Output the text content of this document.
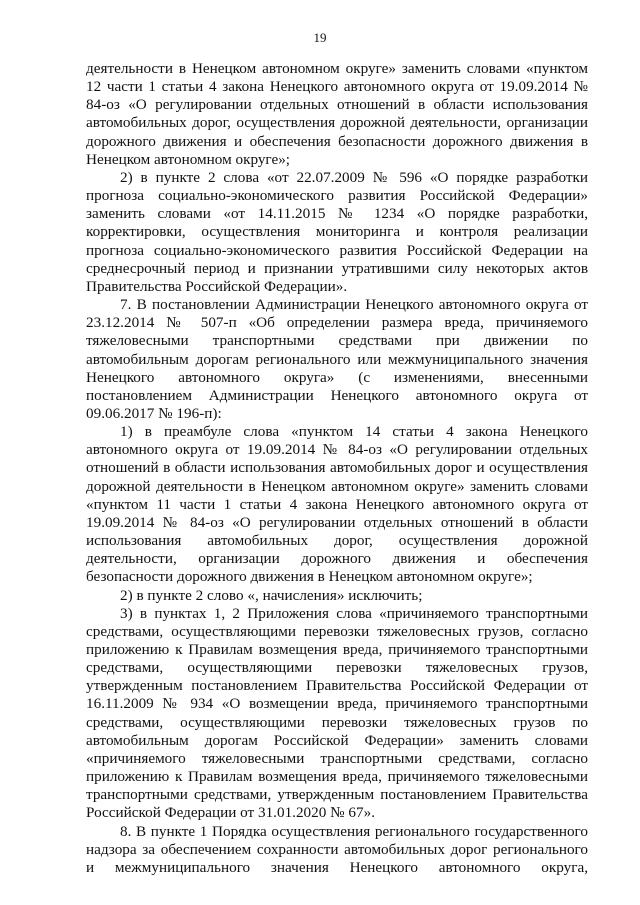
19

деятельности в Ненецком автономном округе» заменить словами «пунктом 12 части 1 статьи 4 закона Ненецкого автономного округа от 19.09.2014 № 84-оз «О регулировании отдельных отношений в области использования автомобильных дорог, осуществления дорожной деятельности, организации дорожного движения и обеспечения безопасности дорожного движения в Ненецком автономном округе»;

2) в пункте 2 слова «от 22.07.2009 № 596 «О порядке разработки прогноза социально-экономического развития Российской Федерации» заменить словами «от 14.11.2015 № 1234 «О порядке разработки, корректировки, осуществления мониторинга и контроля реализации прогноза социально-экономического развития Российской Федерации на среднесрочный период и признании утратившими силу некоторых актов Правительства Российской Федерации».

7. В постановлении Администрации Ненецкого автономного округа от 23.12.2014 № 507-п «Об определении размера вреда, причиняемого тяжеловесными транспортными средствами при движении по автомобильным дорогам регионального или межмуниципального значения Ненецкого автономного округа» (с изменениями, внесенными постановлением Администрации Ненецкого автономного округа от 09.06.2017 № 196-п):

1) в преамбуле слова «пунктом 14 статьи 4 закона Ненецкого автономного округа от 19.09.2014 № 84-оз «О регулировании отдельных отношений в области использования автомобильных дорог и осуществления дорожной деятельности в Ненецком автономном округе» заменить словами «пунктом 11 части 1 статьи 4 закона Ненецкого автономного округа от 19.09.2014 № 84-оз «О регулировании отдельных отношений в области использования автомобильных дорог, осуществления дорожной деятельности, организации дорожного движения и обеспечения безопасности дорожного движения в Ненецком автономном округе»;

2) в пункте 2 слово «, начисления» исключить;

3) в пунктах 1, 2 Приложения слова «причиняемого транспортными средствами, осуществляющими перевозки тяжеловесных грузов, согласно приложению к Правилам возмещения вреда, причиняемого транспортными средствами, осуществляющими перевозки тяжеловесных грузов, утвержденным постановлением Правительства Российской Федерации от 16.11.2009 № 934 «О возмещении вреда, причиняемого транспортными средствами, осуществляющими перевозки тяжеловесных грузов по автомобильным дорогам Российской Федерации» заменить словами «причиняемого тяжеловесными транспортными средствами, согласно приложению к Правилам возмещения вреда, причиняемого тяжеловесными транспортными средствами, утвержденным постановлением Правительства Российской Федерации от 31.01.2020 № 67».

8. В пункте 1 Порядка осуществления регионального государственного надзора за обеспечением сохранности автомобильных дорог регионального и межмуниципального значения Ненецкого автономного округа,
